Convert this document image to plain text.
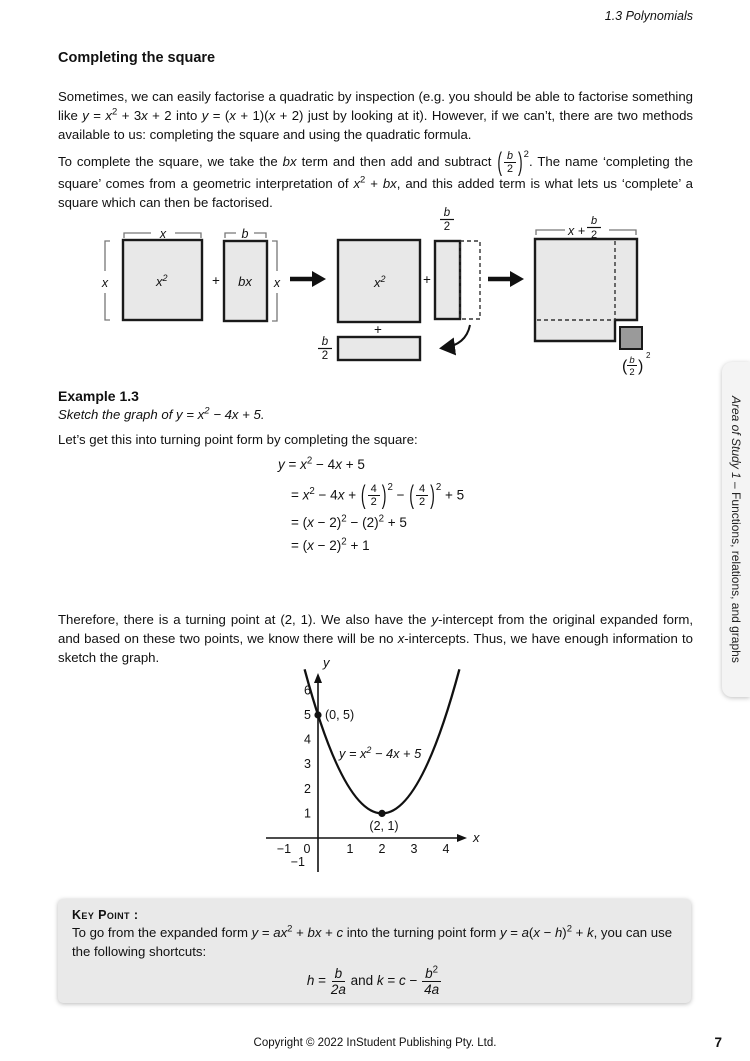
1.3 Polynomials
Completing the square

Sometimes, we can easily factorise a quadratic by inspection (e.g. you should be able to factorise something like $y = x^2 + 3x + 2$ into y = (x + 1)(x + 2) just by looking at it). However, if we can’t, there are two methods available to us: completing the square and using the quadratic formula.

To complete the square, we take the bx term and then add and subtract ( $\frac{b}{2} )^2$. The name ‘completing the square’ comes from a geometric interpretation of $x^2$ + bx, and this added term is what lets us ‘complete’ a square which can then be factorised.

$x^2$
x
x	+ bx
b
x	$x^2$
+
b
2
+
b
2	x +
b
2
( b
2 )
2
Example 1.3
Sketch the graph of $y = x^2 - 4x + 5$.
Let’s get this into turning point form by completing the square:
$y = x^2 - 4x + 5$
= $x^2 - 4x$ + ( $\frac{4}{2} )^2$ − ( $\frac{4}{2} )^2 + 5$
= $(x - 2)^2 - (2)^2 + 5$
= $(x - 2)^2 + 1$

Therefore, there is a turning point at (2, 1). We also have the y-intercept from the original expanded form, and based on these two points, we know there will be no x-intercepts. Thus, we have enough information to sketch the graph.	y
x
6
5
4
3
2
1
−1
−1 0	1 2 3 4
(0, 5)
(2, 1)
$y = x^2 - 4x + 5$
Key Point :
To go from the expanded form $y = ax^2$ + bx + c into the turning point form $y = a(x - h)^2 + k$, you can use the following shortcuts:
$h = \frac{b}{2a}$ and $k = c - \frac{b^2}{4a}$
Area of Study 1 – Functions, relations, and graphs
Copyright © 2022 InStudent Publishing Pty. Ltd.	7
